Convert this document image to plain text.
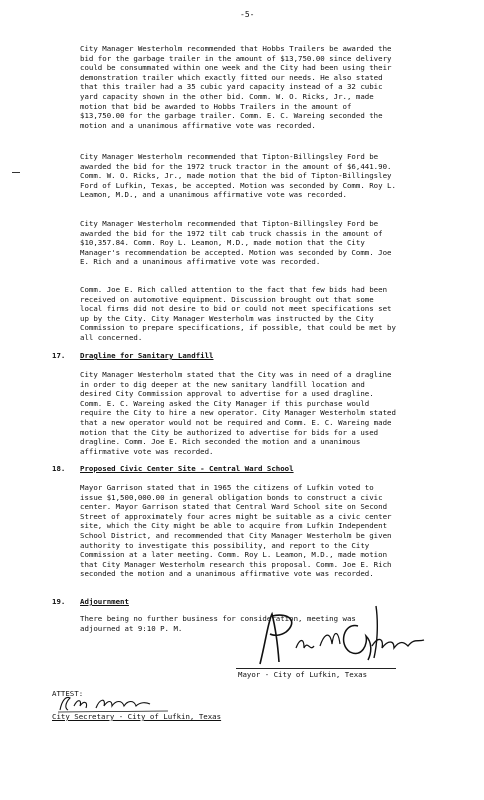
-5-

City Manager Westerholm recommended that Hobbs Trailers be awarded the bid for the garbage trailer in the amount of $13,750.00 since delivery could be consummated within one week and the City had been using their demonstration trailer which exactly fitted our needs. He also stated that this trailer had a 35 cubic yard capacity instead of a 32 cubic yard capacity shown in the other bid. Comm. W. O. Ricks, Jr., made motion that bid be awarded to Hobbs Trailers in the amount of $13,750.00 for the garbage trailer. Comm. E. C. Wareing seconded the motion and a unanimous affirmative vote was recorded.

City Manager Westerholm recommended that Tipton-Billingsley Ford be awarded the bid for the 1972 truck tractor in the amount of $6,441.90. Comm. W. O. Ricks, Jr., made motion that the bid of Tipton-Billingsley Ford of Lufkin, Texas, be accepted. Motion was seconded by Comm. Roy L. Leamon, M.D., and a unanimous affirmative vote was recorded.

City Manager Westerholm recommended that Tipton-Billingsley Ford be awarded the bid for the 1972 tilt cab truck chassis in the amount of $10,357.84. Comm. Roy L. Leamon, M.D., made motion that the City Manager's recommendation be accepted. Motion was seconded by Comm. Joe E. Rich and a unanimous affirmative vote was recorded.

Comm. Joe E. Rich called attention to the fact that few bids had been received on automotive equipment. Discussion brought out that some local firms did not desire to bid or could not meet specifications set up by the City. City Manager Westerholm was instructed by the City Commission to prepare specifications, if possible, that could be met by all concerned.

17. Dragline for Sanitary Landfill

City Manager Westerholm stated that the City was in need of a dragline in order to dig deeper at the new sanitary landfill location and desired City Commission approval to advertise for a used dragline. Comm. E. C. Wareing asked the City Manager if this purchase would require the City to hire a new operator. City Manager Westerholm stated that a new operator would not be required and Comm. E. C. Wareing made motion that the City be authorized to advertise for bids for a used dragline. Comm. Joe E. Rich seconded the motion and a unanimous affirmative vote was recorded.

18. Proposed Civic Center Site - Central Ward School

Mayor Garrison stated that in 1965 the citizens of Lufkin voted to issue $1,500,000.00 in general obligation bonds to construct a civic center. Mayor Garrison stated that Central Ward School site on Second Street of approximately four acres might be suitable as a civic center site, which the City might be able to acquire from Lufkin Independent School District, and recommended that City Manager Westerholm be given authority to investigate this possibility, and report to the City Commission at a later meeting. Comm. Roy L. Leamon, M.D., made motion that City Manager Westerholm research this proposal. Comm. Joe E. Rich seconded the motion and a unanimous affirmative vote was recorded.

19. Adjournment

There being no further business for consideration, meeting was adjourned at 9:10 P. M.

Mayor - City of Lufkin, Texas
ATTEST:
City Secretary - City of Lufkin, Texas
